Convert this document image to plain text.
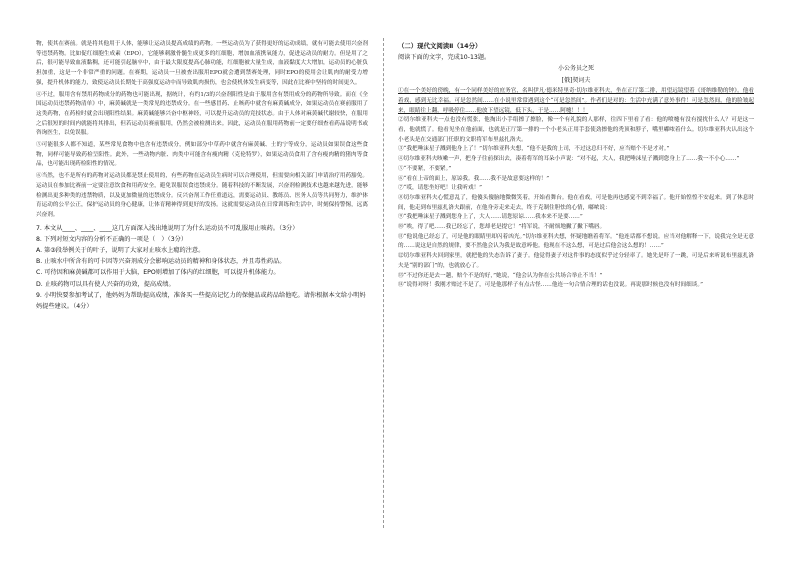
物，使其在赛前。就是将其他用于人体，能够让运动员提高成绩的药物。一些运动员为了获得更好的运动成绩，就有可能去使用兴奋剂等违禁药物。比如促红细胞生成素（EPO），它能够刺激骨髓生成更多的红细胞，增加血液携氧能力，促进运动员的耐力。但是用了之后，很可能导致血液黏稠，还可能引起脑卒中，由于最大限度提高心肺功能，红细胞被大量生成，血液黏度大大增加，运动员的心脏负担加重，这是一个非常严重的问题。在赛期，运动员一旦被查出服用EPO就会遭到禁赛处理，同时EPO的使用会让肌肉的耐受力增强，提升机体的能力，致使运动员长期处于高强度运动中而导致肌肉损伤，也会使机体发生病变等，因此在比赛中坚持的时间更久。

④不过，服用含有禁用药物成分的药物也可能出现，据统计，有约1/3的兴奋剂阳性是由于服用含有禁用成分的药物所导致。而在《全国运动员违禁药物清单》中，麻黄碱就是一类常见的违禁成分。在一些感冒药、止咳药中就含有麻黄碱成分，如果运动员在赛前服用了这类药物，在药检时就会出现阳性结果。麻黄碱能够兴奋中枢神经，可以提升运动员的竞技状态。由于人体对麻黄碱代谢较快，在服用之后很短的时间内就能将其排出，但若运动员赛前服用，仍然会被检测出来。因此，运动员在服用药物前一定要仔细查看药品说明书或咨询医生，以免误服。

⑤可能很多人都不知道，某些常见食物中也含有违禁成分，例如部分中草药中就含有麻黄碱、士的宁等成分，运动员如果误食这些食物，同样可能导致药检呈阳性。此外，一些动物内脏、肉类中可能含有瘦肉精（克伦特罗），如果运动员食用了含有瘦肉精的猪肉等食品，也可能出现药检阳性的情况。

⑥当然，也不是所有的药物对运动员都是禁止使用的，有些药物在运动员生病时可以合理使用，但需要向相关部门申请治疗用药豁免。运动员在参加比赛前一定要注意饮食和用药安全，避免误服误食违禁成分。随着科技的不断发展，兴奋剂检测技术也越来越先进，能够检测出更多种类的违禁物质，以及更加微量的违禁成分。反兴奋剂工作任重道远，需要运动员、教练员、医务人员等共同努力，维护体育运动的公平公正，保护运动员的身心健康，让体育精神得到更好的发扬。这就需要运动员在日常训练和生活中，时刻保持警惕，远离兴奋剂。

7. 本文从____、____、____这几方面深入浅出地说明了为什么运动员不可乱服用止咳药。（3分）

8. 下列对短文内容的分析不正确的一项是（　）（3分）

A. 第③段举例关于的叶子，说明了大家对止咳水上瘾的注意。

B. 止咳水中所含有的可卡因等兴奋剂成分会影响运动员的精神和身体状态，并且毒性药品。

C. 可待因和麻黄碱都可以作用于大脑，EPO则增加了体内的红细胞，可以提升机体能力。

D. 止咳药物可以具有使人兴奋的功效，提高成绩。

9. 小明快要参加考试了，他妈妈为帮助提高成绩，准备买一些提高记忆力的保健品或药品给他吃。请你根据本文给小明妈妈提些建议。（4分）

（二）现代文阅读Ⅱ（14分）

阅读下面的文字，完成10-13题。

小公务员之死

[俄]契诃夫

①在一个美好的傍晚，有一个同样美好的庶务官，名叫伊凡·德米特里奇·切尔维亚科夫，坐在正厅第二排，用望远镜望着《哥纳维勒的钟》。他看着戏，感到无比幸福。可是忽然间……在小说里常常遇到这个“可是忽然间”。作者们是对的：生活中充满了意外事件！可是忽然间，他的脸皱起来，眼睛往上翻，呼吸停住……他放下望远镜，低下头，于是……阿嚏！！！

②切尔维亚科夫一点也没有慌张，他掏出小手绢擦了擦脸，像一个有礼貌的人那样，往四下里看了看：他的喷嚏有没有搅扰什么人？可是这一看，他就慌了。他看见坐在他前面，也就是正厅第一排的一个小老头正用手套使劲擦他的秃顶和脖子，嘴里嘟哝着什么。切尔维亚科夫认出这个小老头是在交通部门任职的文职将军布里兹扎洛夫。

③“我把唾沫星子溅到他身上了！”切尔维亚科夫想，“他不是我的上司，不过这总归不好，应当赔个不是才对。”

④切尔维亚科夫咳嗽一声，把身子往前探出去，凑着将军的耳朵小声说：“对不起，大人，我把唾沫星子溅到您身上了……我一不小心……”

⑤“不要紧，不要紧。”

⑥“看在上帝的面上，原谅我。我……我不是故意要这样的！”

⑦“哎，请您坐好吧！让我听戏！”

⑧切尔维亚科夫心慌意乱了，他傻头傻脑地微微笑着，开始看舞台。他在看戏，可是他再也感觉不到幸福了。他开始惶惶不安起来。到了休息时间，他走到布里兹扎洛夫跟前，在他身旁走来走去，终于克制住胆怯的心情，嘟哝说：

⑨“我把唾沫星子溅到您身上了，大人……请您原谅……我本来不是要……”

⑩“唉，得了吧……我已经忘了，您却老是提它！”将军说，不耐烦地撇了撇下嘴唇。

⑪“他说他已经忘了，可是他的眼睛里却闪着凶光。”切尔维亚科夫想，怀疑地瞧着将军。“他连话都不想说。应当对他解释一下，说我完全是无意的……说这是自然的规律，要不然他会认为我是故意啐他。他现在不这么想，可是过后他会这么想的！……”

⑫切尔维亚科夫回到家里，就把他的失态告诉了妻子。他觉得妻子对这件事的态度似乎过分轻率了。她先是吓了一跳，可是后来听说布里兹扎洛夫是“别的部门”的，也就放心了。

⑬“不过你还是去一趟，赔个不是的好，”她说，“他会认为你在公共场合举止不当！”

⑭“说得对呀！我刚才赔过不是了，可是他那样子有点古怪……他连一句合情合理的话也没说。再说那时候也没有时间细谈。”
